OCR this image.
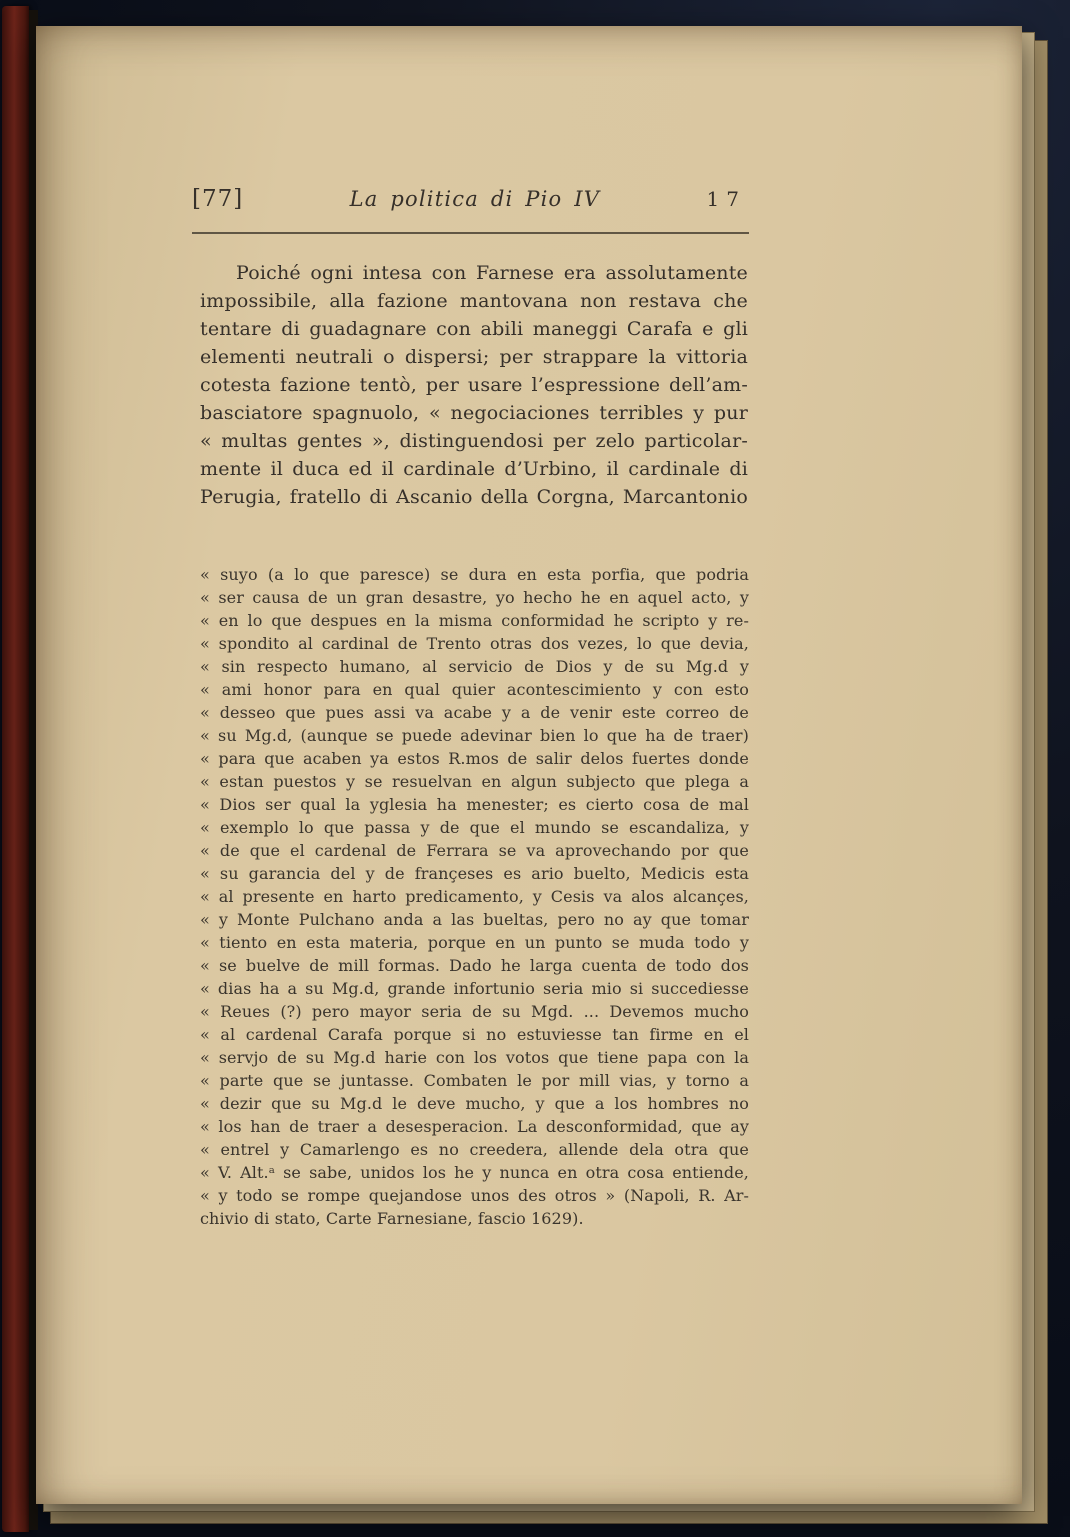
[77]	La politica di Pio IV	17
Poiché ogni intesa con Farnese era assolutamente
impossibile, alla fazione mantovana non restava che
tentare di guadagnare con abili maneggi Carafa e gli
elementi neutrali o dispersi; per strappare la vittoria
cotesta fazione tentò, per usare l’espressione dell’am-
basciatore spagnuolo, « negociaciones terribles y pur
« multas gentes », distinguendosi per zelo particolar-
mente il duca ed il cardinale d’Urbino, il cardinale di
Perugia, fratello di Ascanio della Corgna, Marcantonio
« suyo (a lo que paresce) se dura en esta porfia, que podria
« ser causa de un gran desastre, yo hecho he en aquel acto, y
« en lo que despues en la misma conformidad he scripto y re-
« spondito al cardinal de Trento otras dos vezes, lo que devia,
« sin respecto humano, al servicio de Dios y de su Mg.d y
« ami honor para en qual quier acontescimiento y con esto
« desseo que pues assi va acabe y a de venir este correo de
« su Mg.d, (aunque se puede adevinar bien lo que ha de traer)
« para que acaben ya estos R.mos de salir delos fuertes donde
« estan puestos y se resuelvan en algun subjecto que plega a
« Dios ser qual la yglesia ha menester; es cierto cosa de mal
« exemplo lo que passa y de que el mundo se escandaliza, y
« de que el cardenal de Ferrara se va aprovechando por que
« su garancia del y de françeses es ario buelto, Medicis esta
« al presente en harto predicamento, y Cesis va alos alcançes,
« y Monte Pulchano anda a las bueltas, pero no ay que tomar
« tiento en esta materia, porque en un punto se muda todo y
« se buelve de mill formas. Dado he larga cuenta de todo dos
« dias ha a su Mg.d, grande infortunio seria mio si succediesse
« Reues (?) pero mayor seria de su Mgd. ... Devemos mucho
« al cardenal Carafa porque si no estuviesse tan firme en el
« servjo de su Mg.d harie con los votos que tiene papa con la
« parte que se juntasse. Combaten le por mill vias, y torno a
« dezir que su Mg.d le deve mucho, y que a los hombres no
« los han de traer a desesperacion. La desconformidad, que ay
« entrel y Camarlengo es no creedera, allende dela otra que
« V. Alt.ᵃ se sabe, unidos los he y nunca en otra cosa entiende,
« y todo se rompe quejandose unos des otros » (Napoli, R. Ar-
chivio di stato, Carte Farnesiane, fascio 1629).
